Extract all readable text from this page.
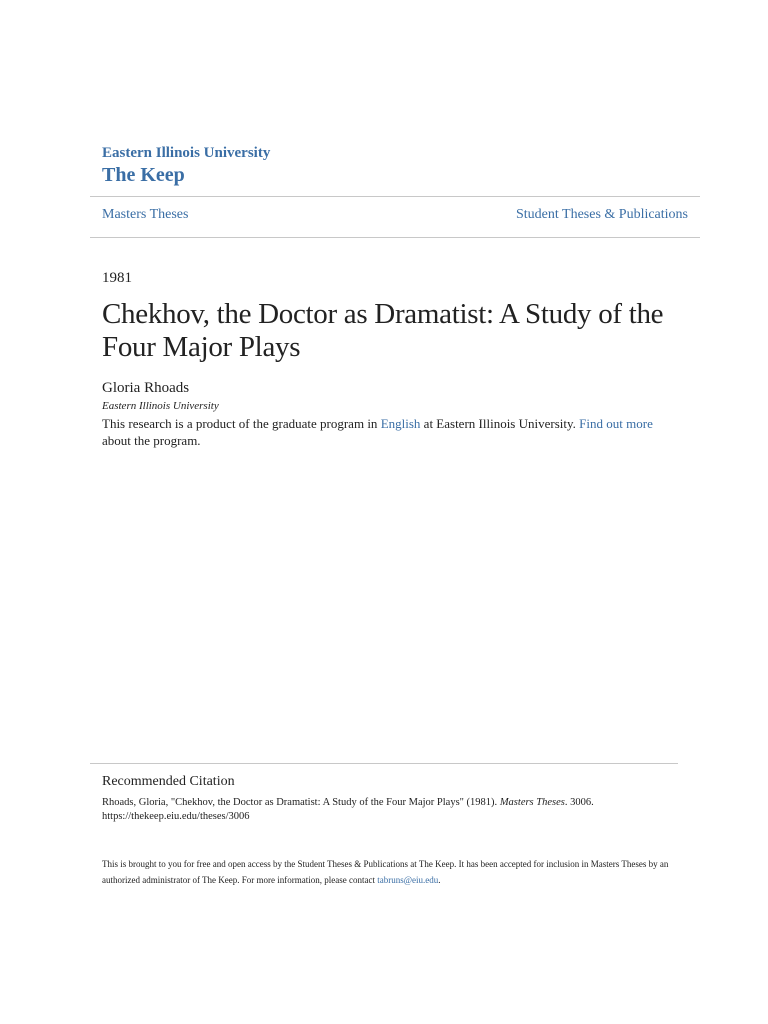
Eastern Illinois University
The Keep
Masters Theses	Student Theses & Publications
1981
Chekhov, the Doctor as Dramatist: A Study of the Four Major Plays
Gloria Rhoads
Eastern Illinois University
This research is a product of the graduate program in English at Eastern Illinois University. Find out more about the program.
Recommended Citation
Rhoads, Gloria, "Chekhov, the Doctor as Dramatist: A Study of the Four Major Plays" (1981). Masters Theses. 3006.
https://thekeep.eiu.edu/theses/3006
This is brought to you for free and open access by the Student Theses & Publications at The Keep. It has been accepted for inclusion in Masters Theses by an authorized administrator of The Keep. For more information, please contact tabruns@eiu.edu.
